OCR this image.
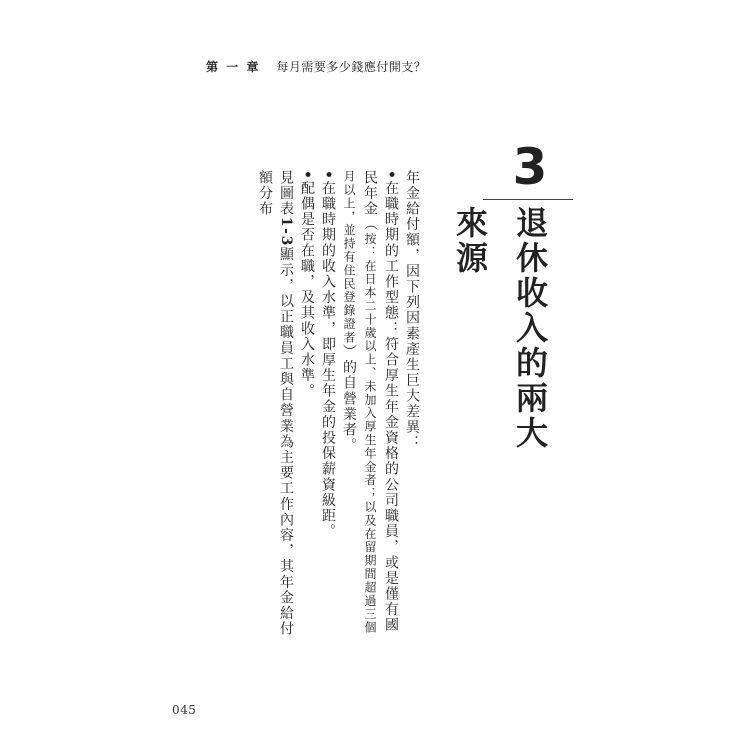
第 一 章 每月需要多少錢應付開支？
3
退休收入的兩大來源

年金給付額，因下列因素產生巨大差異：

•在職時期的工作型態：符合厚生年金資格的公司職員，或是僅有國民年金（按：在日本二十歲以上、未加入厚生年金者；以及在留期間超過三個月以上，並持有住民登錄證者）的自營業者。

•在職時期的收入水準，即厚生年金的投保薪資級距。

•配偶是否在職，及其收入水準。

見圖表1-3顯示，以正職員工與自營業為主要工作內容，其年金給付額分布

045
